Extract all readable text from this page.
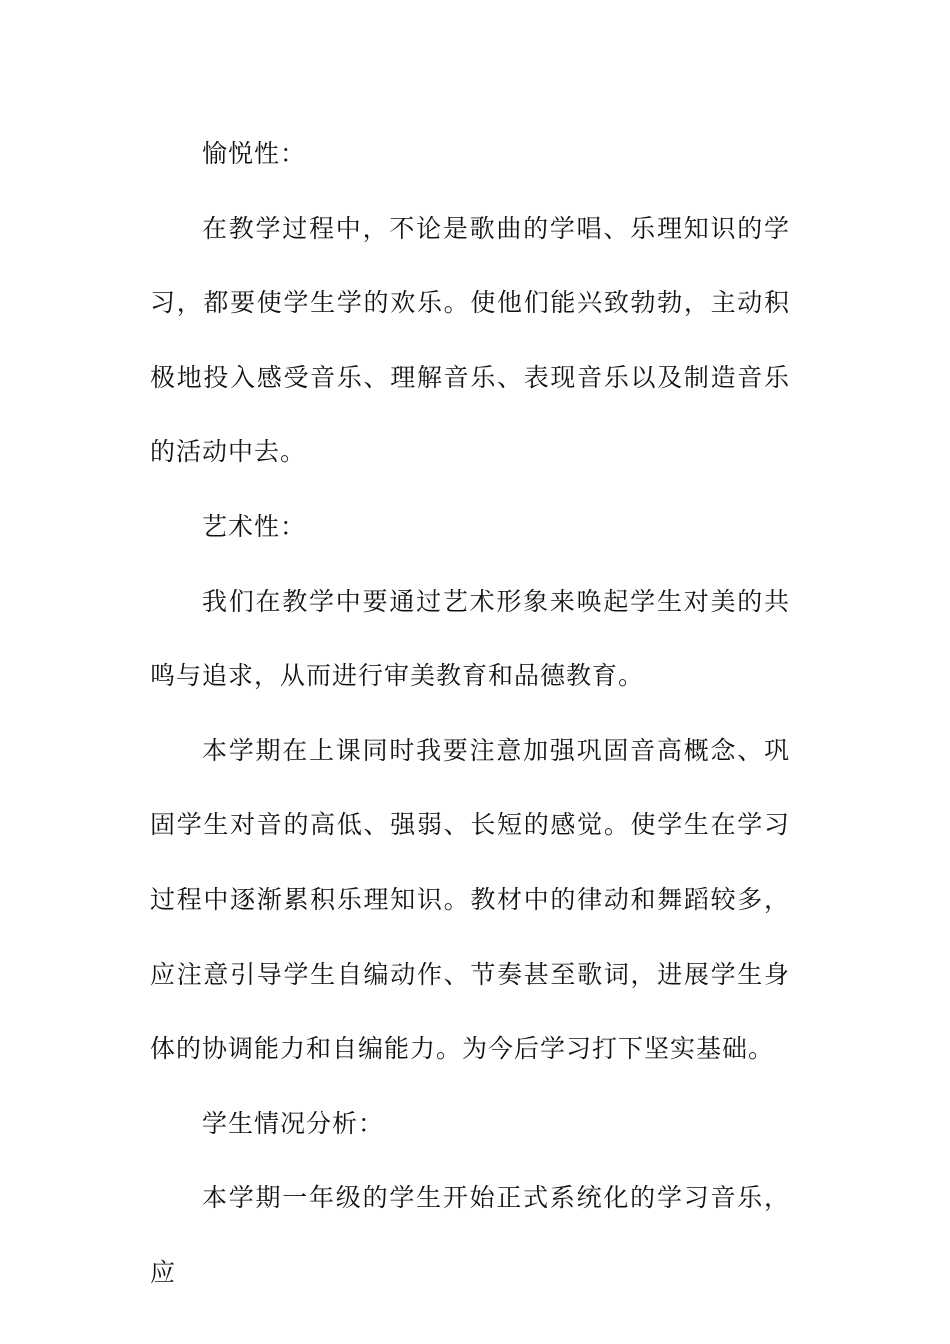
愉悦性：

在教学过程中，不论是歌曲的学唱、乐理知识的学习，都要使学生学的欢乐。使他们能兴致勃勃，主动积极地投入感受音乐、理解音乐、表现音乐以及制造音乐的活动中去。

艺术性：

我们在教学中要通过艺术形象来唤起学生对美的共鸣与追求，从而进行审美教育和品德教育。

本学期在上课同时我要注意加强巩固音高概念、巩固学生对音的高低、强弱、长短的感觉。使学生在学习过程中逐渐累积乐理知识。教材中的律动和舞蹈较多，应注意引导学生自编动作、节奏甚至歌词，进展学生身体的协调能力和自编能力。为今后学习打下坚实基础。

学生情况分析：

本学期一年级的学生开始正式系统化的学习音乐，应
